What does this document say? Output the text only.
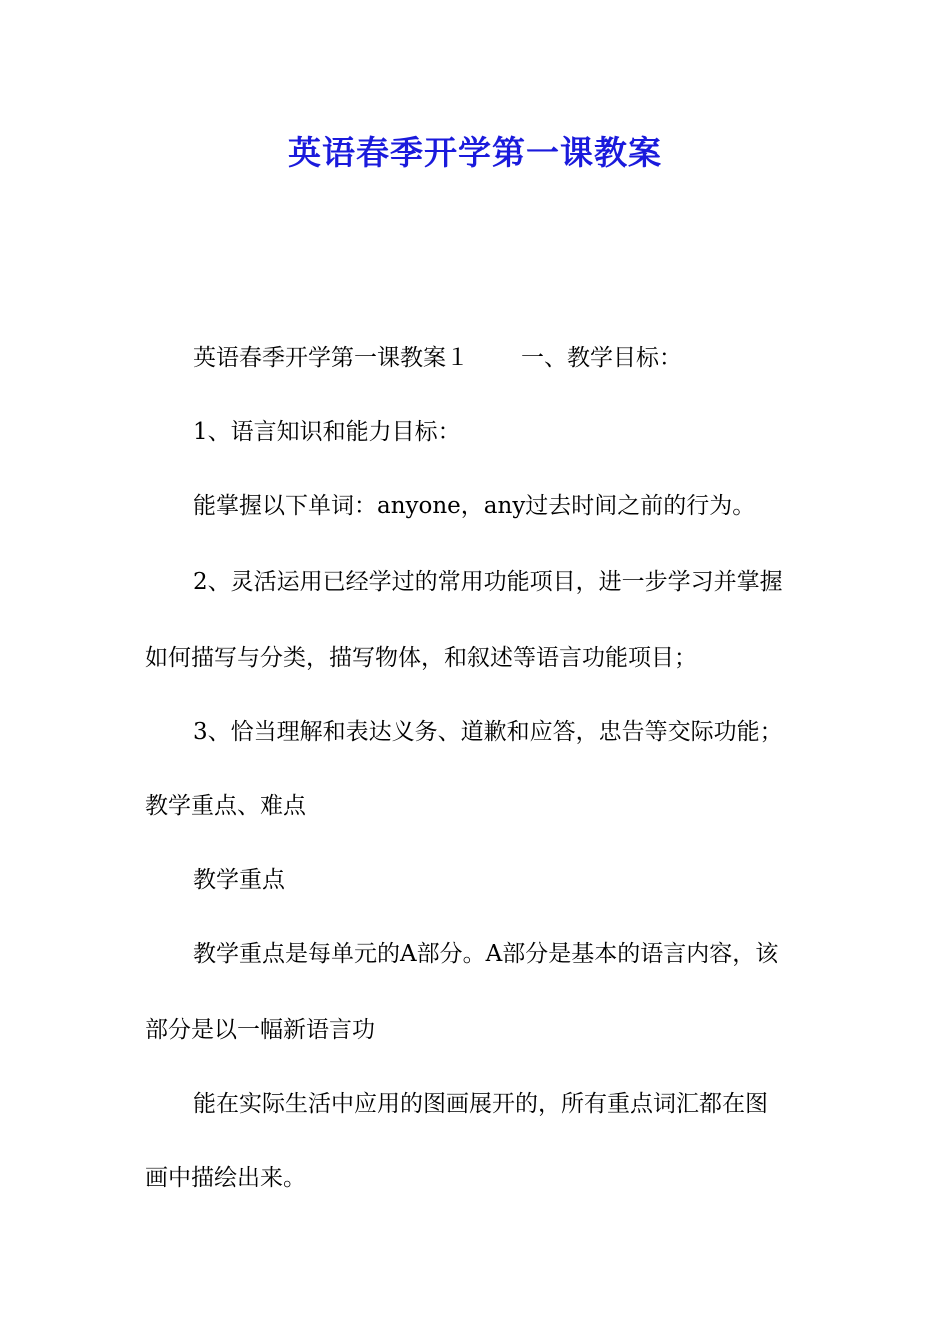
英语春季开学第一课教案
英语春季开学第一课教案１ 一、教学目标：
1、语言知识和能力目标：
能掌握以下单词：anyone，any过去时间之前的行为。
2、灵活运用已经学过的常用功能项目，进一步学习并掌握
如何描写与分类，描写物体，和叙述等语言功能项目；
3、恰当理解和表达义务、道歉和应答，忠告等交际功能；
教学重点、难点
教学重点
教学重点是每单元的A部分。A部分是基本的语言内容，该
部分是以一幅新语言功
能在实际生活中应用的图画展开的，所有重点词汇都在图
画中描绘出来。
